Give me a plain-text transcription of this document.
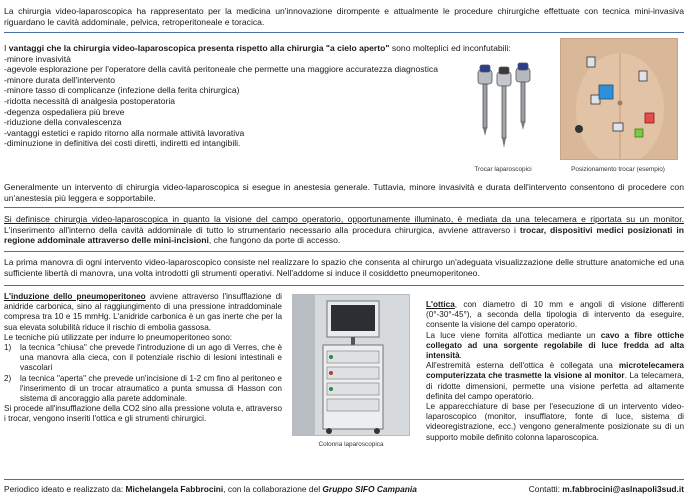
La chirurgia video-laparoscopica ha rappresentato per la medicina un'innovazione dirompente e attualmente le procedure chirurgiche effettuate con tecnica mini-invasiva riguardano le cavità addominale, pelvica, retroperitoneale e toracica.

I vantaggi che la chirurgia video-laparoscopica presenta rispetto alla chirurgia "a cielo aperto" sono molteplici ed inconfutabili:

-minore invasività

-agevole esplorazione per l'operatore della cavità peritoneale che permette una maggiore accuratezza diagnostica

-minore durata dell'intervento

-minore tasso di complicanze (infezione della ferita chirurgica)

-ridotta necessità di analgesia postoperatoria

-degenza ospedaliera più breve

-riduzione della convalescenza

-vantaggi estetici e rapido ritorno alla normale attività lavorativa

-diminuzione in definitiva dei costi diretti, indiretti ed intangibili.

Trocar laparoscopici	Posizionamento trocar (esempio)
Generalmente un intervento di chirurgia video-laparoscopica si esegue in anestesia generale. Tuttavia, minore invasività e durata dell'intervento consentono di procedere con un'anestesia più leggera e sopportabile.
Si definisce chirurgia video-laparoscopica in quanto la visione del campo operatorio, opportunamente illuminato, è mediata da una telecamera e riportata su un monitor. L'inserimento all'interno della cavità addominale di tutto lo strumentario necessario alla procedura chirurgica, avviene attraverso i trocar, dispositivi medici posizionati in regione addominale attraverso delle mini-incisioni, che fungono da porte di accesso.
La prima manovra di ogni intervento video-laparoscopico consiste nel realizzare lo spazio che consenta al chirurgo un'adeguata visualizzazione delle strutture anatomiche ed una sufficiente libertà di manovra, una volta introdotti gli strumenti operativi. Nell'addome si induce il cosiddetto pneumoperitoneo.

L'induzione dello pneumoperitoneo avviene attraverso l'insufflazione di anidride carbonica, sino al raggiungimento di una pressione intraddominale compresa tra 10 e 15 mmHg. L'anidride carbonica è un gas inerte che per la sua elevata solubilità riduce il rischio di embolia gassosa.

Le tecniche più utilizzate per indurre lo pneumoperitoneo sono:

1)	la tecnica "chiusa" che prevede l'introduzione di un ago di Verres, che è una manovra alla cieca, con il potenziale rischio di lesioni intestinali e vascolari
2)	la tecnica "aperta" che prevede un'incisione di 1-2 cm fino al peritoneo e l'inserimento di un trocar atraumatico a punta smussa di Hasson con sistema di ancoraggio alla parete addominale.

Si procede all'insufflazione della CO2 sino alla pressione voluta e, attraverso i trocar, vengono inseriti l'ottica e gli strumenti chirurgici.

Colonna laparoscopica

L'ottica, con diametro di 10 mm e angoli di visione differenti (0°-30°-45°), a seconda della tipologia di intervento da eseguire, consente la visione del campo operatorio.

La luce viene fornita all'ottica mediante un cavo a fibre ottiche collegato ad una sorgente regolabile di luce fredda ad alta intensità.

All'estremità esterna dell'ottica è collegata una microtelecamera computerizzata che trasmette la visione al monitor. La telecamera, di ridotte dimensioni, permette una visione perfetta ad altamente definita del campo operatorio.

Le apparecchiature di base per l'esecuzione di un intervento video-laparoscopico (monitor, insufflatore, fonte di luce, sistema di videoregistrazione, ecc.) vengono generalmente posizionate su di un supporto mobile definito colonna laparoscopica.

Periodico ideato e realizzato da: Michelangela Fabbrocini, con la collaborazione del Gruppo SIFO Campania	Contatti: m.fabbrocini@aslnapoli3sud.it
